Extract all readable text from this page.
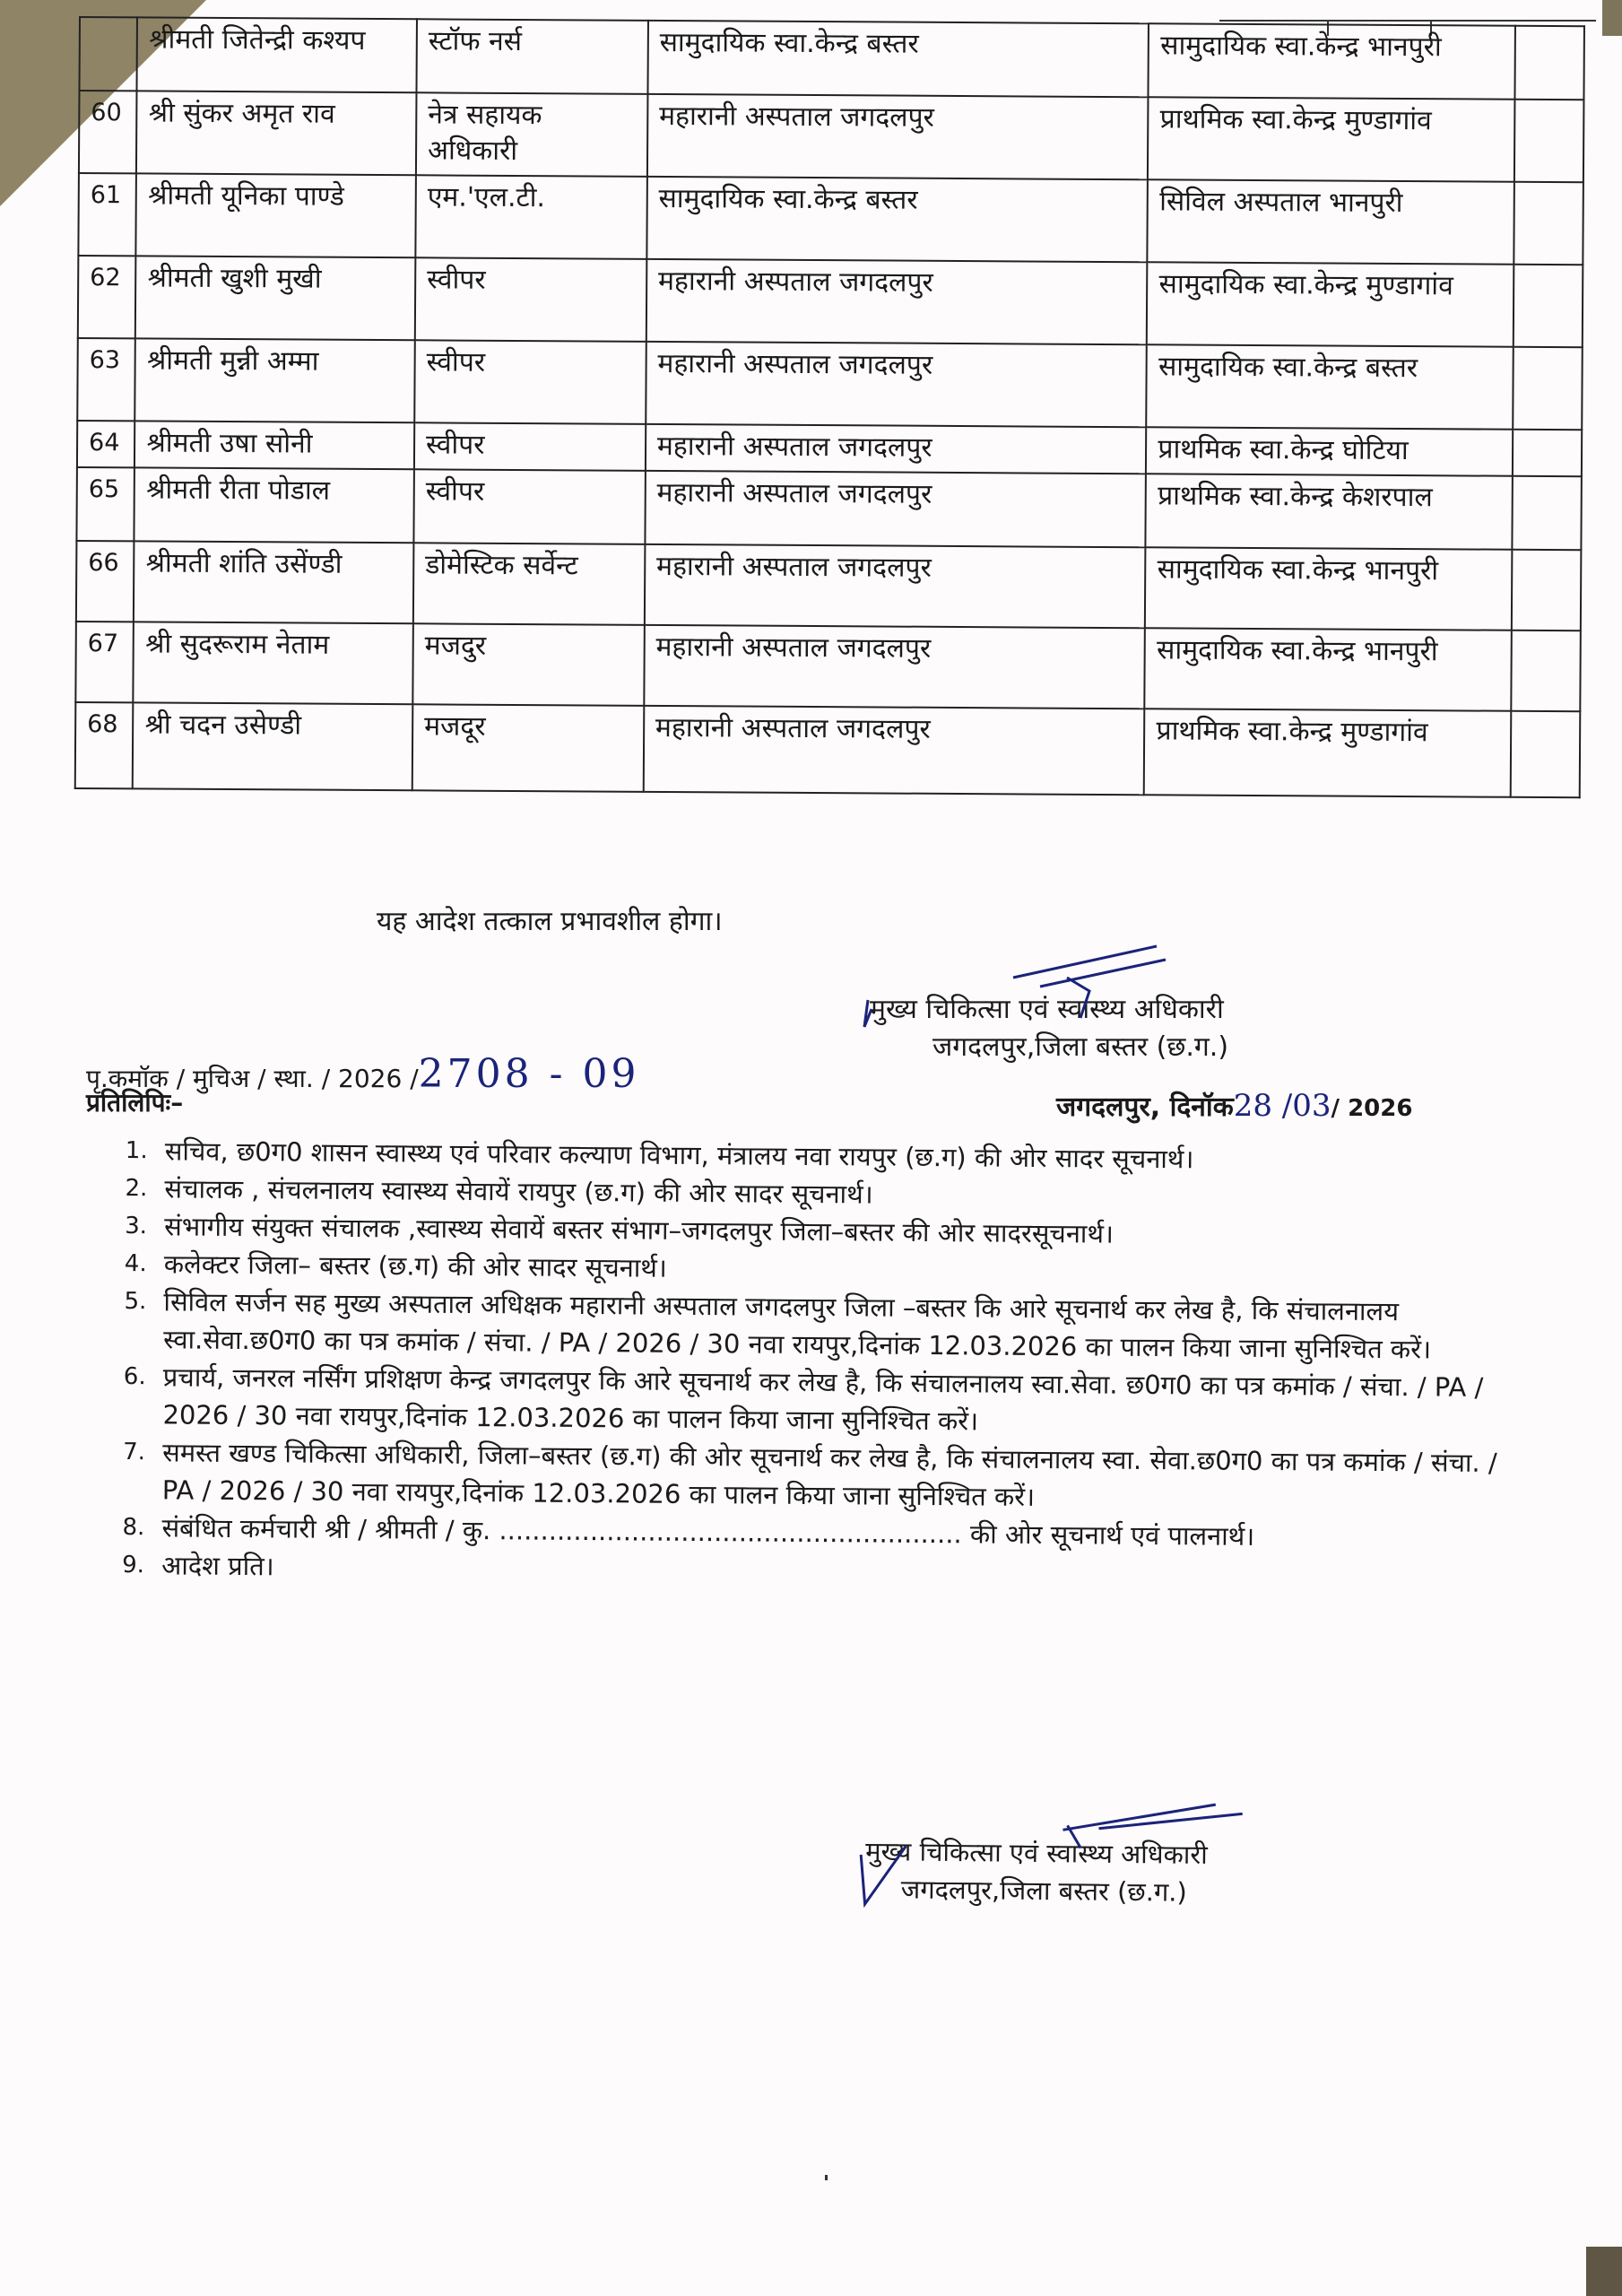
	श्रीमती जितेन्द्री कश्यप	स्टॉफ नर्स	सामुदायिक स्वा.केन्द्र बस्तर	सामुदायिक स्वा.केन्द्र भानपुरी	
60	श्री सुंकर अमृत राव	नेत्र सहायक अधिकारी	महारानी अस्पताल जगदलपुर	प्राथमिक स्वा.केन्द्र मुण्डागांव	
61	श्रीमती यूनिका पाण्डे	एम.'एल.टी.	सामुदायिक स्वा.केन्द्र बस्तर	सिविल अस्पताल भानपुरी	
62	श्रीमती खुशी मुखी	स्वीपर	महारानी अस्पताल जगदलपुर	सामुदायिक स्वा.केन्द्र मुण्डागांव	
63	श्रीमती मुन्नी अम्मा	स्वीपर	महारानी अस्पताल जगदलपुर	सामुदायिक स्वा.केन्द्र बस्तर	
64	श्रीमती उषा सोनी	स्वीपर	महारानी अस्पताल जगदलपुर	प्राथमिक स्वा.केन्द्र घोटिया	
65	श्रीमती रीता पोडाल	स्वीपर	महारानी अस्पताल जगदलपुर	प्राथमिक स्वा.केन्द्र केशरपाल	
66	श्रीमती शांति उसेंण्डी	डोमेस्टिक सर्वेन्ट	महारानी अस्पताल जगदलपुर	सामुदायिक स्वा.केन्द्र भानपुरी	
67	श्री सुदरूराम नेताम	मजदुर	महारानी अस्पताल जगदलपुर	सामुदायिक स्वा.केन्द्र भानपुरी	
68	श्री चदन उसेण्डी	मजदूर	महारानी अस्पताल जगदलपुर	प्राथमिक स्वा.केन्द्र मुण्डागांव	
यह आदेश तत्काल प्रभावशील होगा।
मुख्य चिकित्सा एवं स्वास्थ्य अधिकारी
जगदलपुर,जिला बस्तर (छ.ग.)
पृ.कमॉक / मुचिअ / स्था. / 2026 /2708 - 09
जगदलपुर, दिनॉक28 /03/ 2026
प्रतिलिपिः–
1. सचिव, छ0ग0 शासन स्वास्थ्य एवं परिवार कल्याण विभाग, मंत्रालय नवा रायपुर (छ.ग) की ओर सादर सूचनार्थ।
2. संचालक , संचलनालय स्वास्थ्य सेवायें रायपुर (छ.ग) की ओर सादर सूचनार्थ।
3. संभागीय संयुक्त संचालक ,स्वास्थ्य सेवायें बस्तर संभाग–जगदलपुर जिला–बस्तर की ओर सादरसूचनार्थ।
4. कलेक्टर जिला– बस्तर (छ.ग) की ओर सादर सूचनार्थ।
5. सिविल सर्जन सह मुख्य अस्पताल अधिक्षक महारानी अस्पताल जगदलपुर जिला –बस्तर कि आरे सूचनार्थ कर लेख है, कि संचालनालय स्वा.सेवा.छ0ग0 का पत्र कमांक / संचा. / PA / 2026 / 30 नवा रायपुर,दिनांक 12.03.2026 का पालन किया जाना सुनिश्चित करें।
6. प्रचार्य, जनरल नर्सिंग प्रशिक्षण केन्द्र जगदलपुर कि आरे सूचनार्थ कर लेख है, कि संचालनालय स्वा.सेवा. छ0ग0 का पत्र कमांक / संचा. / PA / 2026 / 30 नवा रायपुर,दिनांक 12.03.2026 का पालन किया जाना सुनिश्चित करें।
7. समस्त खण्ड चिकित्सा अधिकारी, जिला–बस्तर (छ.ग) की ओर सूचनार्थ कर लेख है, कि संचालनालय स्वा. सेवा.छ0ग0 का पत्र कमांक / संचा. / PA / 2026 / 30 नवा रायपुर,दिनांक 12.03.2026 का पालन किया जाना सुनिश्चित करें।
8. संबंधित कर्मचारी श्री / श्रीमती / कु. ........................................................ की ओर सूचनार्थ एवं पालनार्थ।
9. आदेश प्रति।
मुख्य चिकित्सा एवं स्वास्थ्य अधिकारी
जगदलपुर,जिला बस्तर (छ.ग.)
